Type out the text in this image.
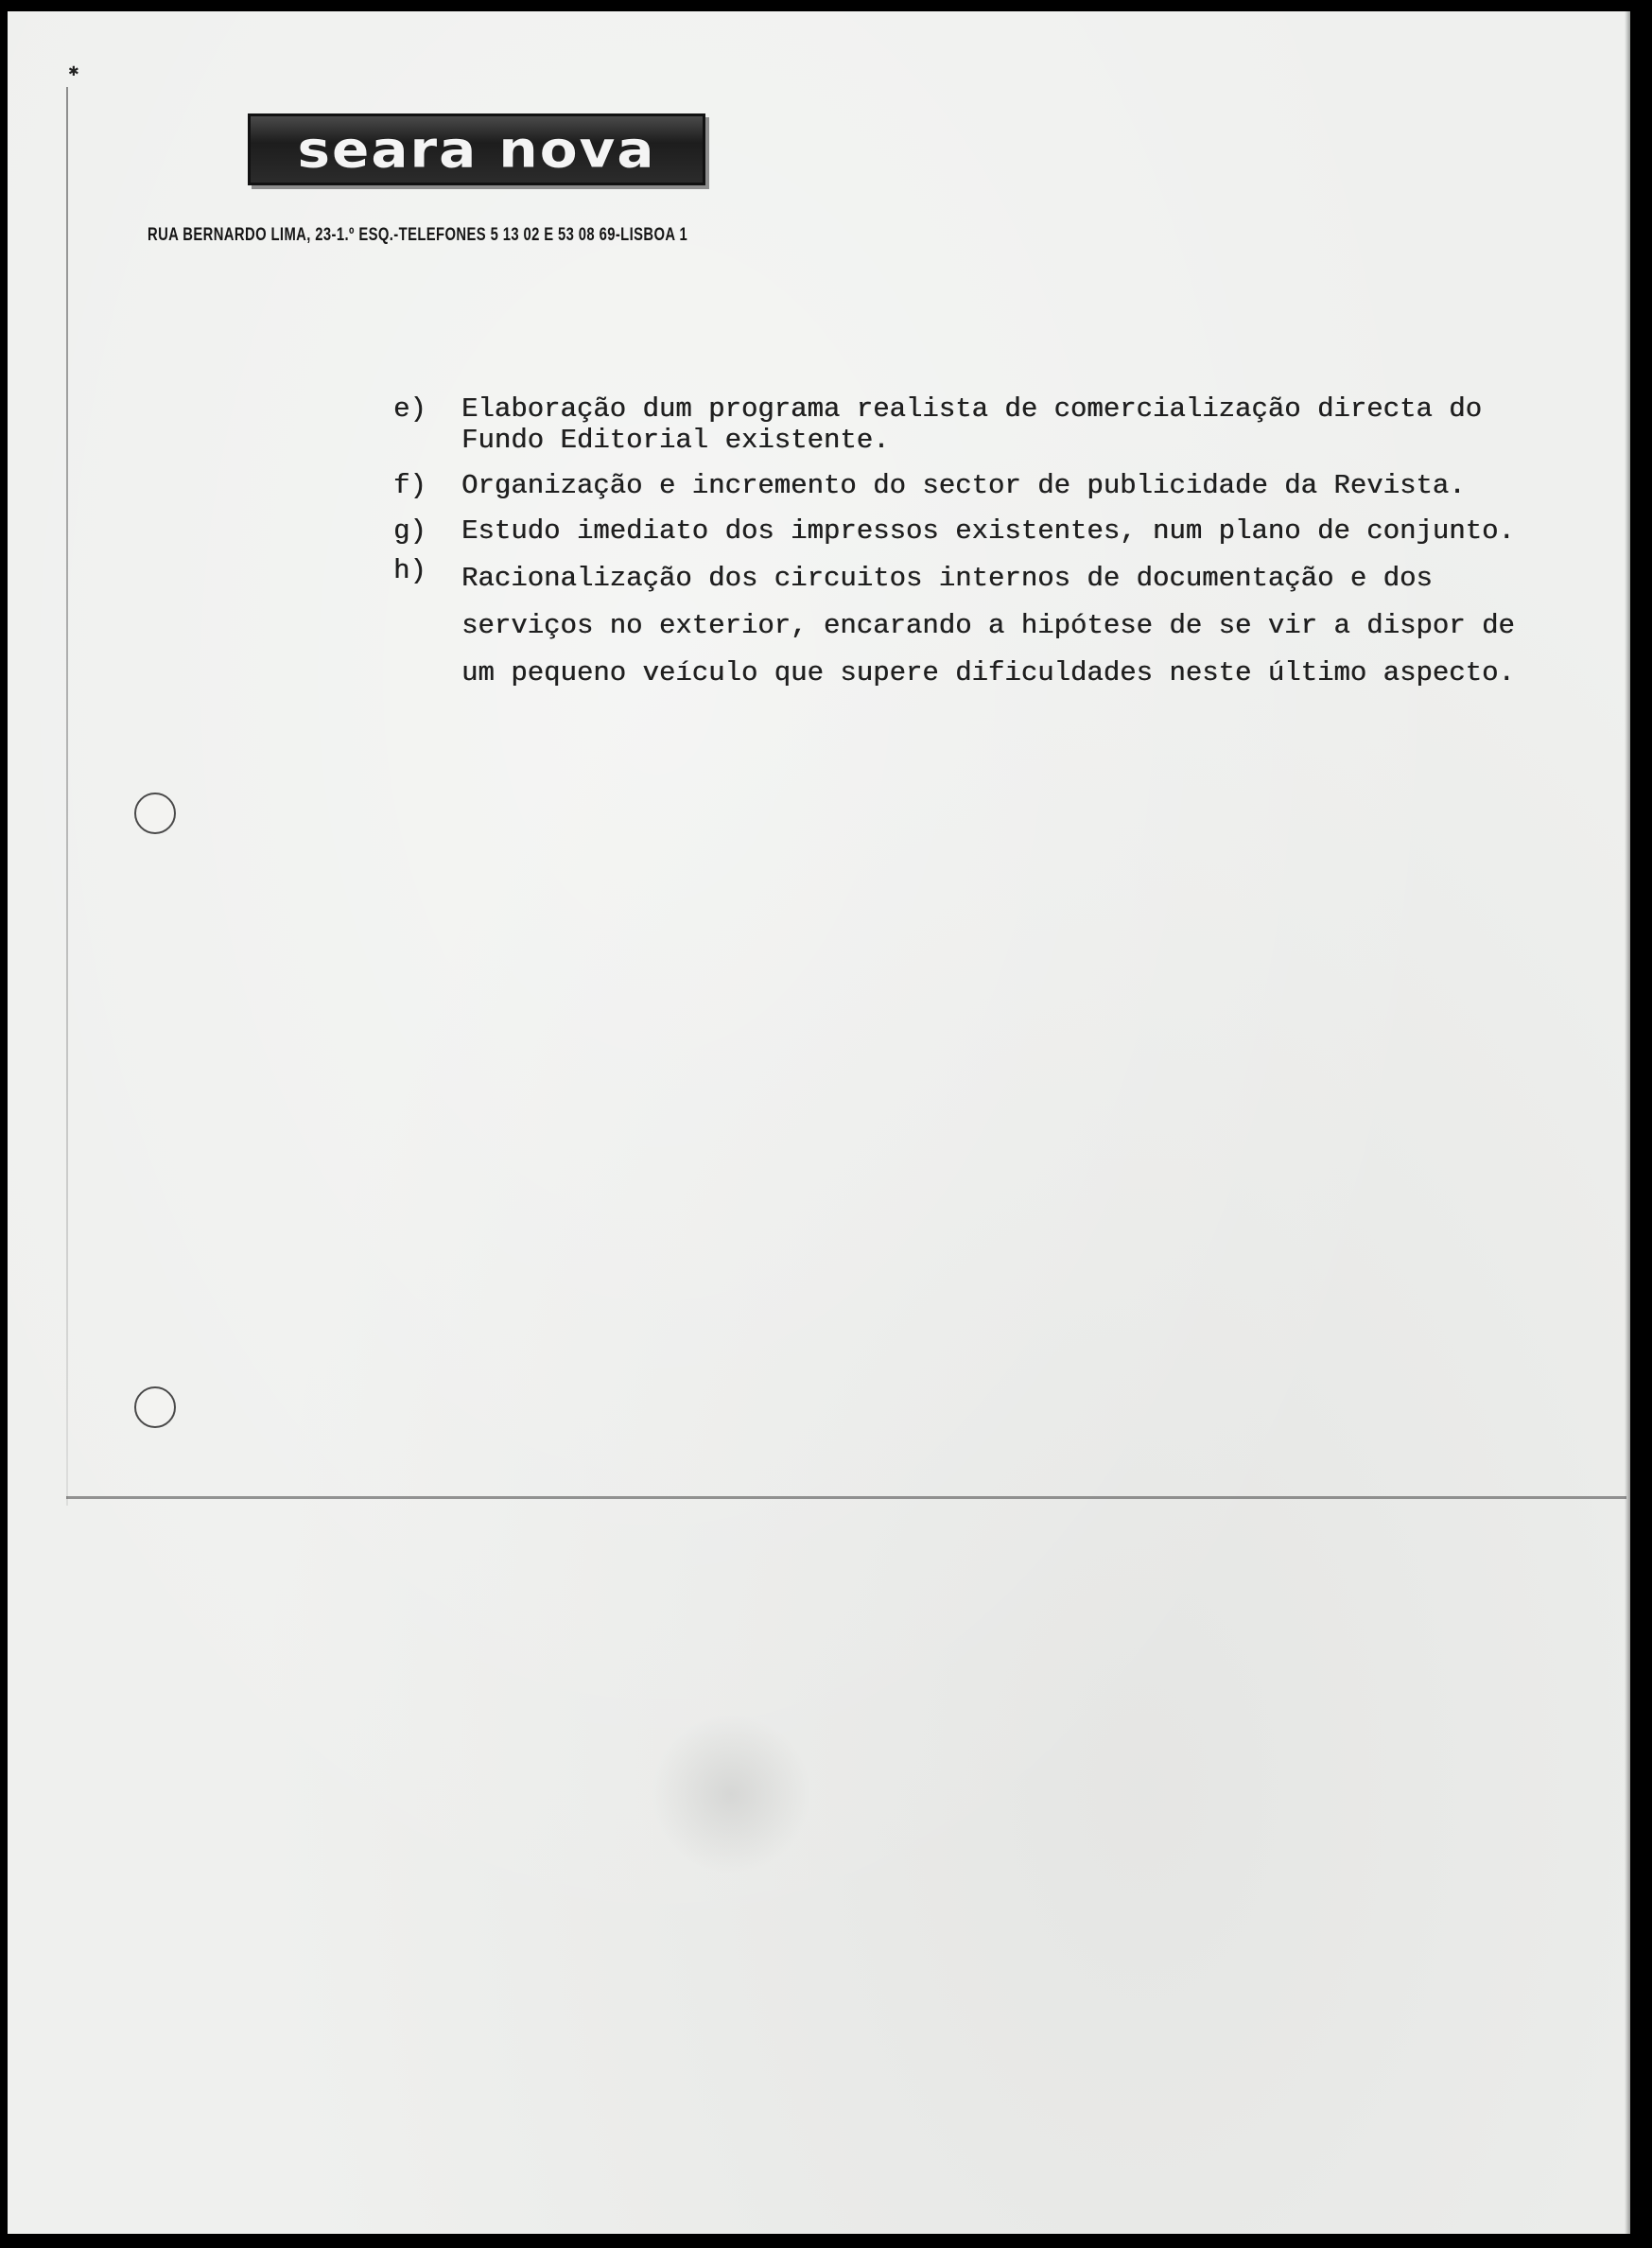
✱
seara nova
RUA BERNARDO LIMA, 23-1.º ESQ.-TELEFONES 5 13 02 E 53 08 69-LISBOA 1
e)	Elaboração dum programa realista de comercialização directa do Fundo Editorial existente.
f)	Organização e incremento do sector de publicidade da Revista.
g)	Estudo imediato dos impressos existentes, num plano de conjunto.
h)	Racionalização dos circuitos internos de documentação e dos serviços no exterior, encarando a hipótese de se vir a dispor de um pequeno veículo que supere dificuldades neste último aspecto.
